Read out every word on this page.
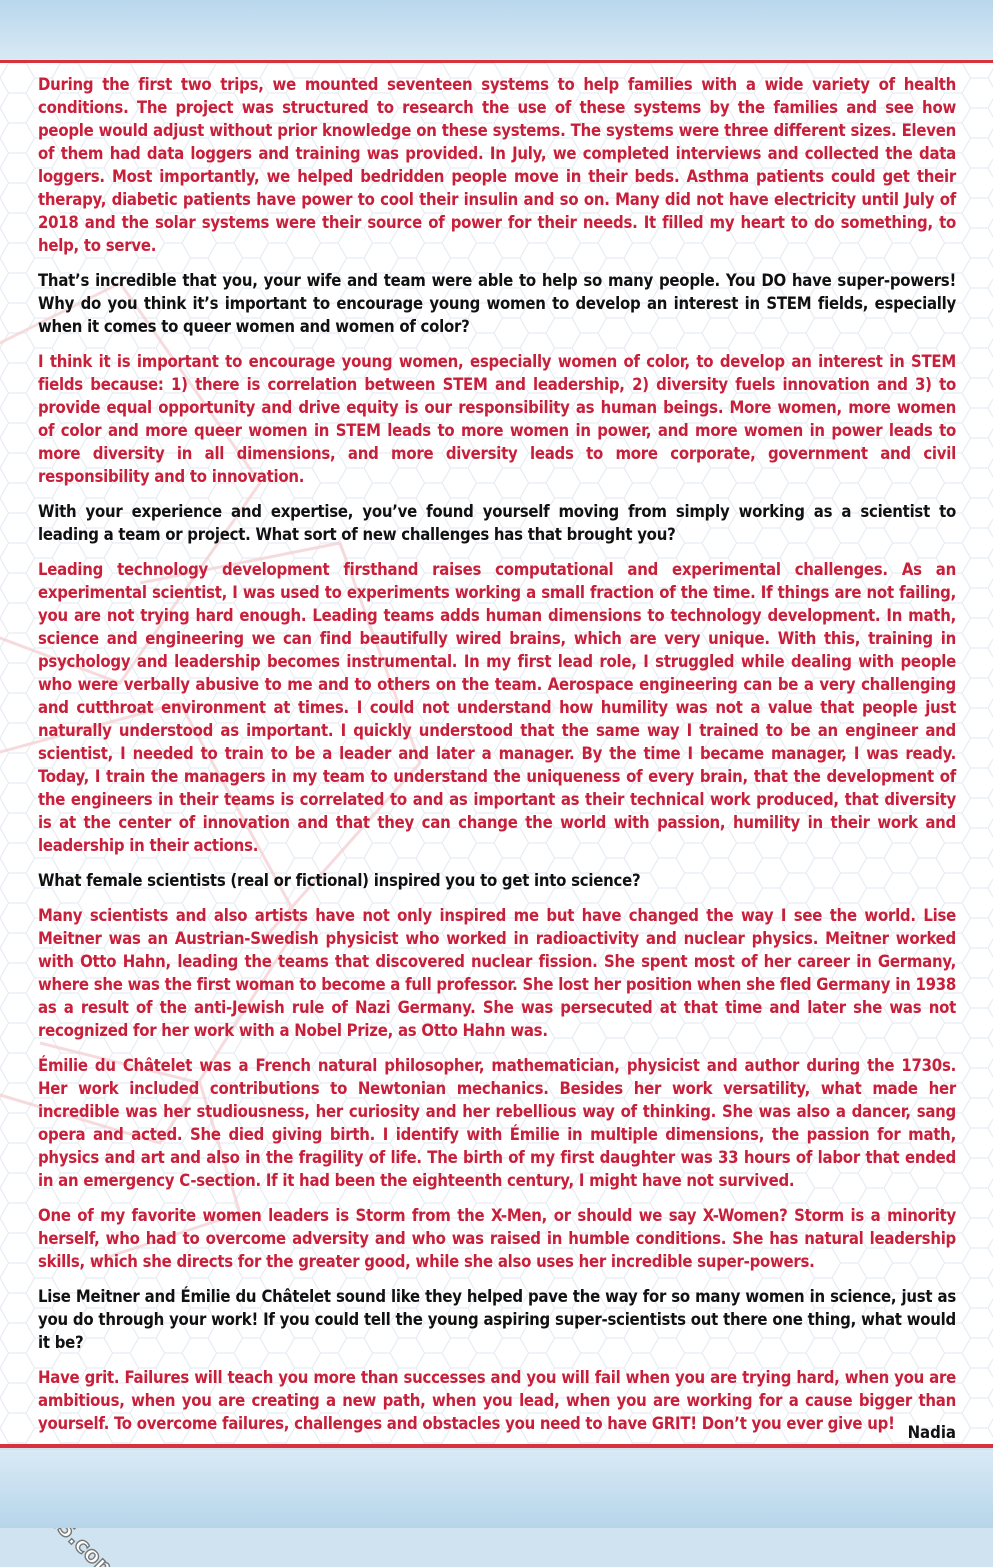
During the first two trips, we mounted seventeen systems to help families with a wide variety of health conditions. The project was structured to research the use of these systems by the families and see how people would adjust without prior knowledge on these systems. The systems were three different sizes. Eleven of them had data loggers and training was provided. In July, we completed interviews and collected the data loggers. Most importantly, we helped bedridden people move in their beds. Asthma patients could get their therapy, diabetic patients have power to cool their insulin and so on. Many did not have electricity until July of 2018 and the solar systems were their source of power for their needs. It filled my heart to do something, to help, to serve.

That’s incredible that you, your wife and team were able to help so many people. You DO have super-powers! Why do you think it’s important to encourage young women to develop an interest in STEM fields, especially when it comes to queer women and women of color?

I think it is important to encourage young women, especially women of color, to develop an interest in STEM fields because: 1) there is correlation between STEM and leadership, 2) diversity fuels innovation and 3) to provide equal opportunity and drive equity is our responsibility as human beings. More women, more women of color and more queer women in STEM leads to more women in power, and more women in power leads to more diversity in all dimensions, and more diversity leads to more corporate, government and civil responsibility and to innovation.

With your experience and expertise, you’ve found yourself moving from simply working as a scientist to leading a team or project. What sort of new challenges has that brought you?

Leading technology development firsthand raises computational and experimental challenges. As an experimental scientist, I was used to experiments working a small fraction of the time. If things are not failing, you are not trying hard enough. Leading teams adds human dimensions to technology development. In math, science and engineering we can find beautifully wired brains, which are very unique. With this, training in psychology and leadership becomes instrumental. In my first lead role, I struggled while dealing with people who were verbally abusive to me and to others on the team. Aerospace engineering can be a very challenging and cutthroat environment at times. I could not understand how humility was not a value that people just naturally understood as important. I quickly understood that the same way I trained to be an engineer and scientist, I needed to train to be a leader and later a manager. By the time I became manager, I was ready. Today, I train the managers in my team to understand the uniqueness of every brain, that the development of the engineers in their teams is correlated to and as important as their technical work produced, that diversity is at the center of innovation and that they can change the world with passion, humility in their work and leadership in their actions.

What female scientists (real or fictional) inspired you to get into science?

Many scientists and also artists have not only inspired me but have changed the way I see the world. Lise Meitner was an Austrian-Swedish physicist who worked in radioactivity and nuclear physics. Meitner worked with Otto Hahn, leading the teams that discovered nuclear fission. She spent most of her career in Germany, where she was the first woman to become a full professor. She lost her position when she fled Germany in 1938 as a result of the anti-Jewish rule of Nazi Germany. She was persecuted at that time and later she was not recognized for her work with a Nobel Prize, as Otto Hahn was.

Émilie du Châtelet was a French natural philosopher, mathematician, physicist and author during the 1730s. Her work included contributions to Newtonian mechanics. Besides her work versatility, what made her incredible was her studiousness, her curiosity and her rebellious way of thinking. She was also a dancer, sang opera and acted. She died giving birth. I identify with Émilie in multiple dimensions, the passion for math, physics and art and also in the fragility of life. The birth of my first daughter was 33 hours of labor that ended in an emergency C-section. If it had been the eighteenth century, I might have not survived.

One of my favorite women leaders is Storm from the X-Men, or should we say X-Women? Storm is a minority herself, who had to overcome adversity and who was raised in humble conditions. She has natural leadership skills, which she directs for the greater good, while she also uses her incredible super-powers.

Lise Meitner and Émilie du Châtelet sound like they helped pave the way for so many women in science, just as you do through your work! If you could tell the young aspiring super-scientists out there one thing, what would it be?

Have grit. Failures will teach you more than successes and you will fail when you are trying hard, when you are ambitious, when you are creating a new path, when you lead, when you are working for a cause bigger than yourself. To overcome failures, challenges and obstacles you need to have GRIT! Don’t you ever give up! Nadia
